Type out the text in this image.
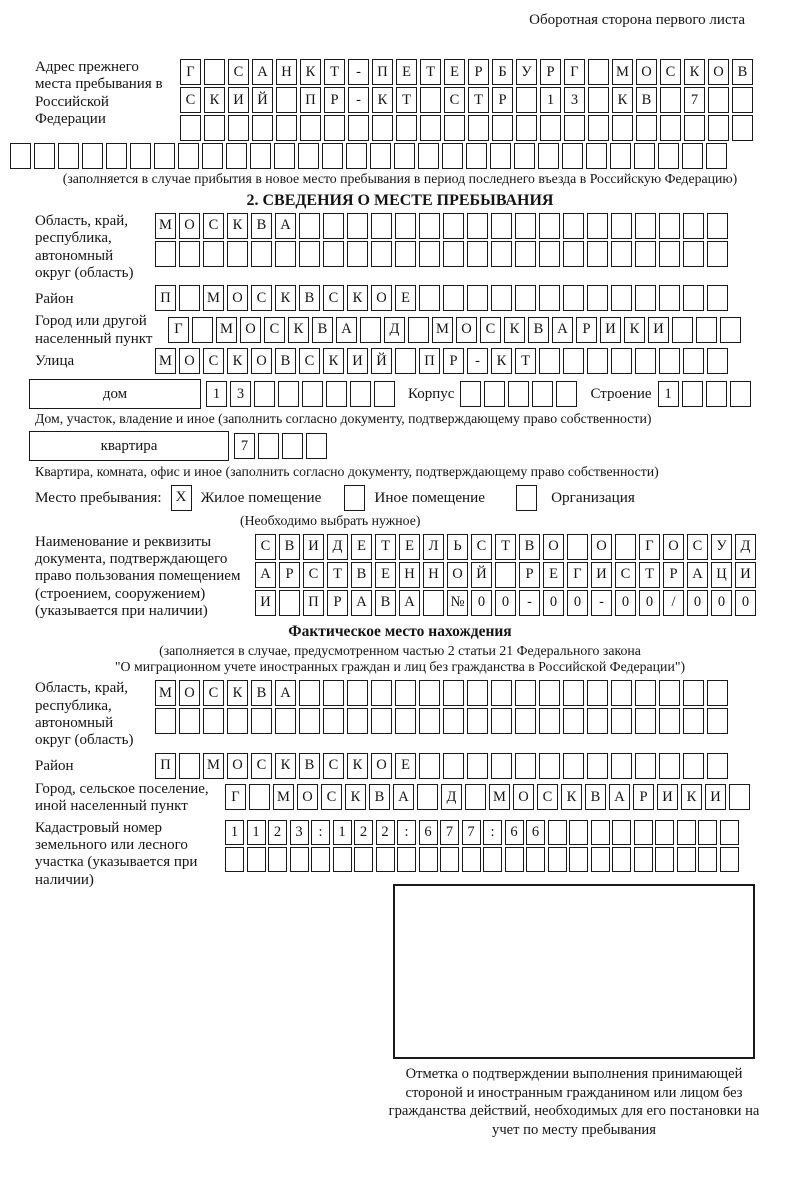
Оборотная сторона первого листа
Адрес прежнего места пребывания в Российской Федерации
Г	С А Н К	Т	-	П Е	Т	Е	Р	Б	У	Р	Г	М О С К О В
С К И Й	П	Р	-	К	Т	С	Т	Р	1	3	К В	7
(заполняется в случае прибытия в новое место пребывания в период последнего въезда в Российскую Федерацию)
2. СВЕДЕНИЯ О МЕСТЕ ПРЕБЫВАНИЯ
Область, край, республика, автономный округ (область)
М О С К В А
Район	П	М О С К В С К О Е
Город или другой населенный пункт
Г	М О С К В А	Д	М О С К В А	Р	И К И
Улица	М О С К О В С К И Й	П	Р	-	К	Т
дом	1	3	Корпус	Строение 1
Дом, участок, владение и иное (заполнить согласно документу, подтверждающему право собственности)
квартира	7
Квартира, комната, офис и иное (заполнить согласно документу, подтверждающему право собственности)
Место пребывания: X Жилое помещение	Иное помещение	Организация
(Необходимо выбрать нужное)
Наименование и реквизиты документа, подтверждающего право пользования помещением (строением, сооружением) (указывается при наличии)
С В И Д	Е	Т	Е	Л	Ь	С	Т	В О	О	Г	О С У Д
А	Р	С	Т	В	Е Н Н О Й	Р	Е	Г	И С	Т	Р	А Ц И
И	П	Р	А В А	№ 0	0	-	0	0	-	0	0	/	0	0	0
Фактическое место нахождения
(заполняется в случае, предусмотренном частью 2 статьи 21 Федерального закона
"О миграционном учете иностранных граждан и лиц без гражданства в Российской Федерации")
Область, край, республика, автономный округ (область)
М О С К В А
Район	П	М О С К В С К О Е
Город, сельское поселение, иной населенный пункт
Г	М О С К В А	Д	М О С К В А	Р	И К И
Кадастровый номер земельного или лесного участка (указывается при наличии)
1 1 2 3	:	1 2 2	:	6 7 7	:	6 6
Отметка о подтверждении выполнения принимающей стороной и иностранным гражданином или лицом без гражданства действий, необходимых для его постановки на учет по месту пребывания
